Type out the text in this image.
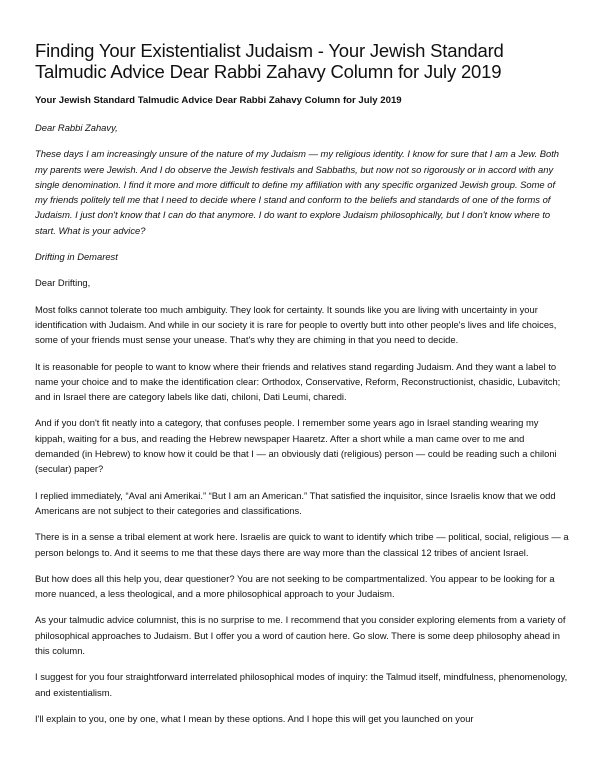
Finding Your Existentialist Judaism - Your Jewish Standard Talmudic Advice Dear Rabbi Zahavy Column for July 2019
Your Jewish Standard Talmudic Advice Dear Rabbi Zahavy Column for July 2019

Dear Rabbi Zahavy,

These days I am increasingly unsure of the nature of my Judaism — my religious identity. I know for sure that I am a Jew. Both my parents were Jewish. And I do observe the Jewish festivals and Sabbaths, but now not so rigorously or in accord with any single denomination. I find it more and more difficult to define my affiliation with any specific organized Jewish group. Some of my friends politely tell me that I need to decide where I stand and conform to the beliefs and standards of one of the forms of Judaism. I just don't know that I can do that anymore. I do want to explore Judaism philosophically, but I don't know where to start. What is your advice?

Drifting in Demarest

Dear Drifting,

Most folks cannot tolerate too much ambiguity. They look for certainty. It sounds like you are living with uncertainty in your identification with Judaism. And while in our society it is rare for people to overtly butt into other people's lives and life choices, some of your friends must sense your unease. That's why they are chiming in that you need to decide.

It is reasonable for people to want to know where their friends and relatives stand regarding Judaism. And they want a label to name your choice and to make the identification clear: Orthodox, Conservative, Reform, Reconstructionist, chasidic, Lubavitch; and in Israel there are category labels like dati, chiloni, Dati Leumi, charedi.

And if you don't fit neatly into a category, that confuses people. I remember some years ago in Israel standing wearing my kippah, waiting for a bus, and reading the Hebrew newspaper Haaretz. After a short while a man came over to me and demanded (in Hebrew) to know how it could be that I — an obviously dati (religious) person — could be reading such a chiloni (secular) paper?

I replied immediately, “Aval ani Amerikai.” “But I am an American.” That satisfied the inquisitor, since Israelis know that we odd Americans are not subject to their categories and classifications.

There is in a sense a tribal element at work here. Israelis are quick to want to identify which tribe — political, social, religious — a person belongs to. And it seems to me that these days there are way more than the classical 12 tribes of ancient Israel.

But how does all this help you, dear questioner? You are not seeking to be compartmentalized. You appear to be looking for a more nuanced, a less theological, and a more philosophical approach to your Judaism.

As your talmudic advice columnist, this is no surprise to me. I recommend that you consider exploring elements from a variety of philosophical approaches to Judaism. But I offer you a word of caution here. Go slow. There is some deep philosophy ahead in this column.

I suggest for you four straightforward interrelated philosophical modes of inquiry: the Talmud itself, mindfulness, phenomenology, and existentialism.

I'll explain to you, one by one, what I mean by these options. And I hope this will get you launched on your
